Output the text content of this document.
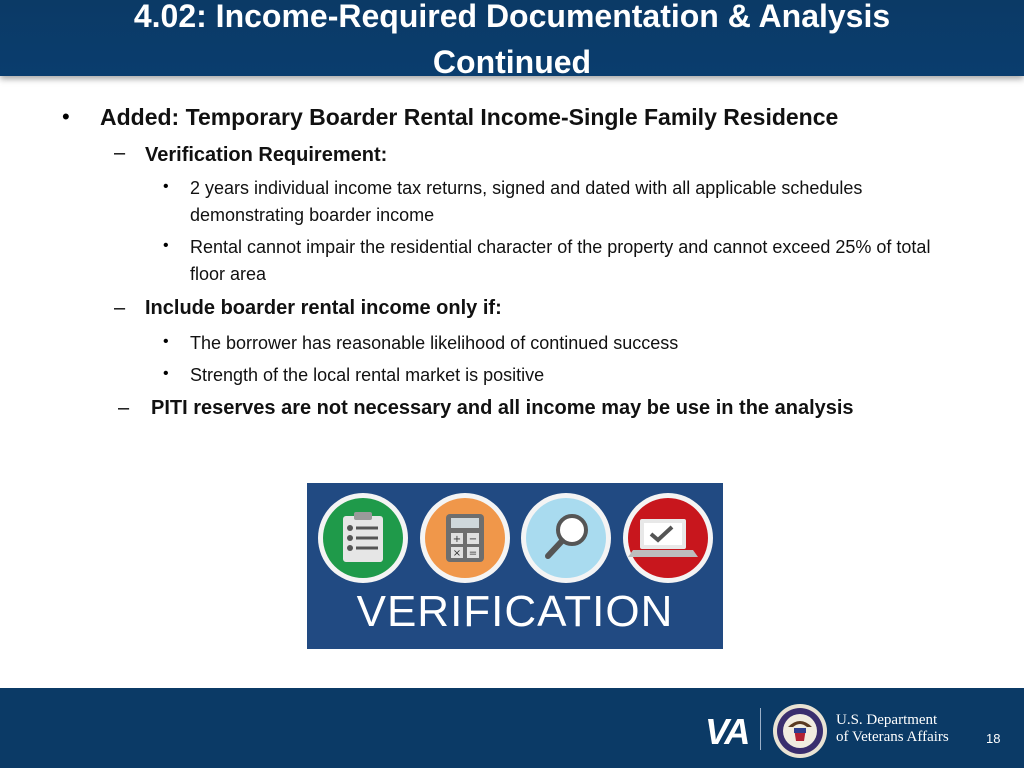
4.02: Income-Required Documentation & Analysis
Continued
• Added: Temporary Boarder Rental Income-Single Family Residence
– Verification Requirement:
• 2 years individual income tax returns, signed and dated with all applicable schedules demonstrating boarder income
• Rental cannot impair the residential character of the property and cannot exceed 25% of total floor area
– Include boarder rental income only if:
• The borrower has reasonable likelihood of continued success
• Strength of the local rental market is positive
– PITI reserves are not necessary and all income may be use in the analysis
+ −
× =
VERIFICATION
VA	U.S. Department
of Veterans Affairs	18
